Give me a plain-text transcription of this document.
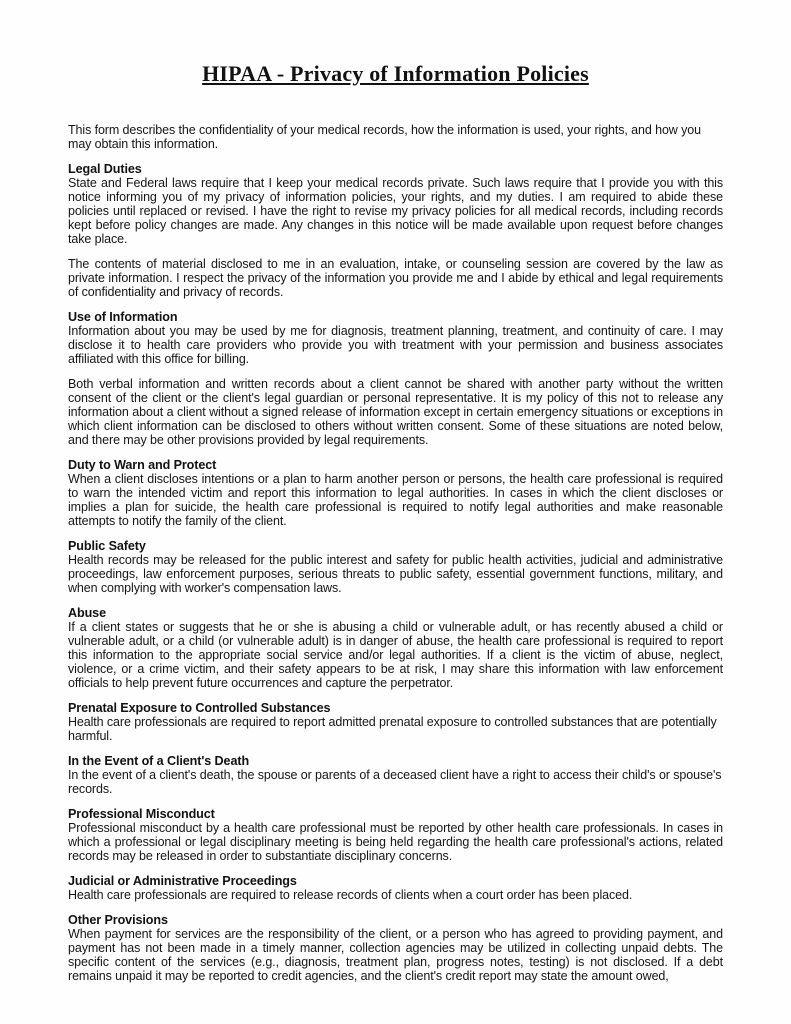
HIPAA - Privacy of Information Policies

This form describes the confidentiality of your medical records, how the information is used, your rights, and how you may obtain this information.

Legal Duties

State and Federal laws require that I keep your medical records private. Such laws require that I provide you with this notice informing you of my privacy of information policies, your rights, and my duties. I am required to abide these policies until replaced or revised. I have the right to revise my privacy policies for all medical records, including records kept before policy changes are made. Any changes in this notice will be made available upon request before changes take place.

The contents of material disclosed to me in an evaluation, intake, or counseling session are covered by the law as private information. I respect the privacy of the information you provide me and I abide by ethical and legal requirements of confidentiality and privacy of records.

Use of Information

Information about you may be used by me for diagnosis, treatment planning, treatment, and continuity of care. I may disclose it to health care providers who provide you with treatment with your permission and business associates affiliated with this office for billing.

Both verbal information and written records about a client cannot be shared with another party without the written consent of the client or the client's legal guardian or personal representative. It is my policy of this not to release any information about a client without a signed release of information except in certain emergency situations or exceptions in which client information can be disclosed to others without written consent. Some of these situations are noted below, and there may be other provisions provided by legal requirements.

Duty to Warn and Protect

When a client discloses intentions or a plan to harm another person or persons, the health care professional is required to warn the intended victim and report this information to legal authorities. In cases in which the client discloses or implies a plan for suicide, the health care professional is required to notify legal authorities and make reasonable attempts to notify the family of the client.

Public Safety

Health records may be released for the public interest and safety for public health activities, judicial and administrative proceedings, law enforcement purposes, serious threats to public safety, essential government functions, military, and when complying with worker's compensation laws.

Abuse

If a client states or suggests that he or she is abusing a child or vulnerable adult, or has recently abused a child or vulnerable adult, or a child (or vulnerable adult) is in danger of abuse, the health care professional is required to report this information to the appropriate social service and/or legal authorities. If a client is the victim of abuse, neglect, violence, or a crime victim, and their safety appears to be at risk, I may share this information with law enforcement officials to help prevent future occurrences and capture the perpetrator.

Prenatal Exposure to Controlled Substances

Health care professionals are required to report admitted prenatal exposure to controlled substances that are potentially harmful.

In the Event of a Client's Death

In the event of a client's death, the spouse or parents of a deceased client have a right to access their child's or spouse's records.

Professional Misconduct

Professional misconduct by a health care professional must be reported by other health care professionals. In cases in which a professional or legal disciplinary meeting is being held regarding the health care professional's actions, related records may be released in order to substantiate disciplinary concerns.

Judicial or Administrative Proceedings

Health care professionals are required to release records of clients when a court order has been placed.

Other Provisions

When payment for services are the responsibility of the client, or a person who has agreed to providing payment, and payment has not been made in a timely manner, collection agencies may be utilized in collecting unpaid debts. The specific content of the services (e.g., diagnosis, treatment plan, progress notes, testing) is not disclosed. If a debt remains unpaid it may be reported to credit agencies, and the client's credit report may state the amount owed,
